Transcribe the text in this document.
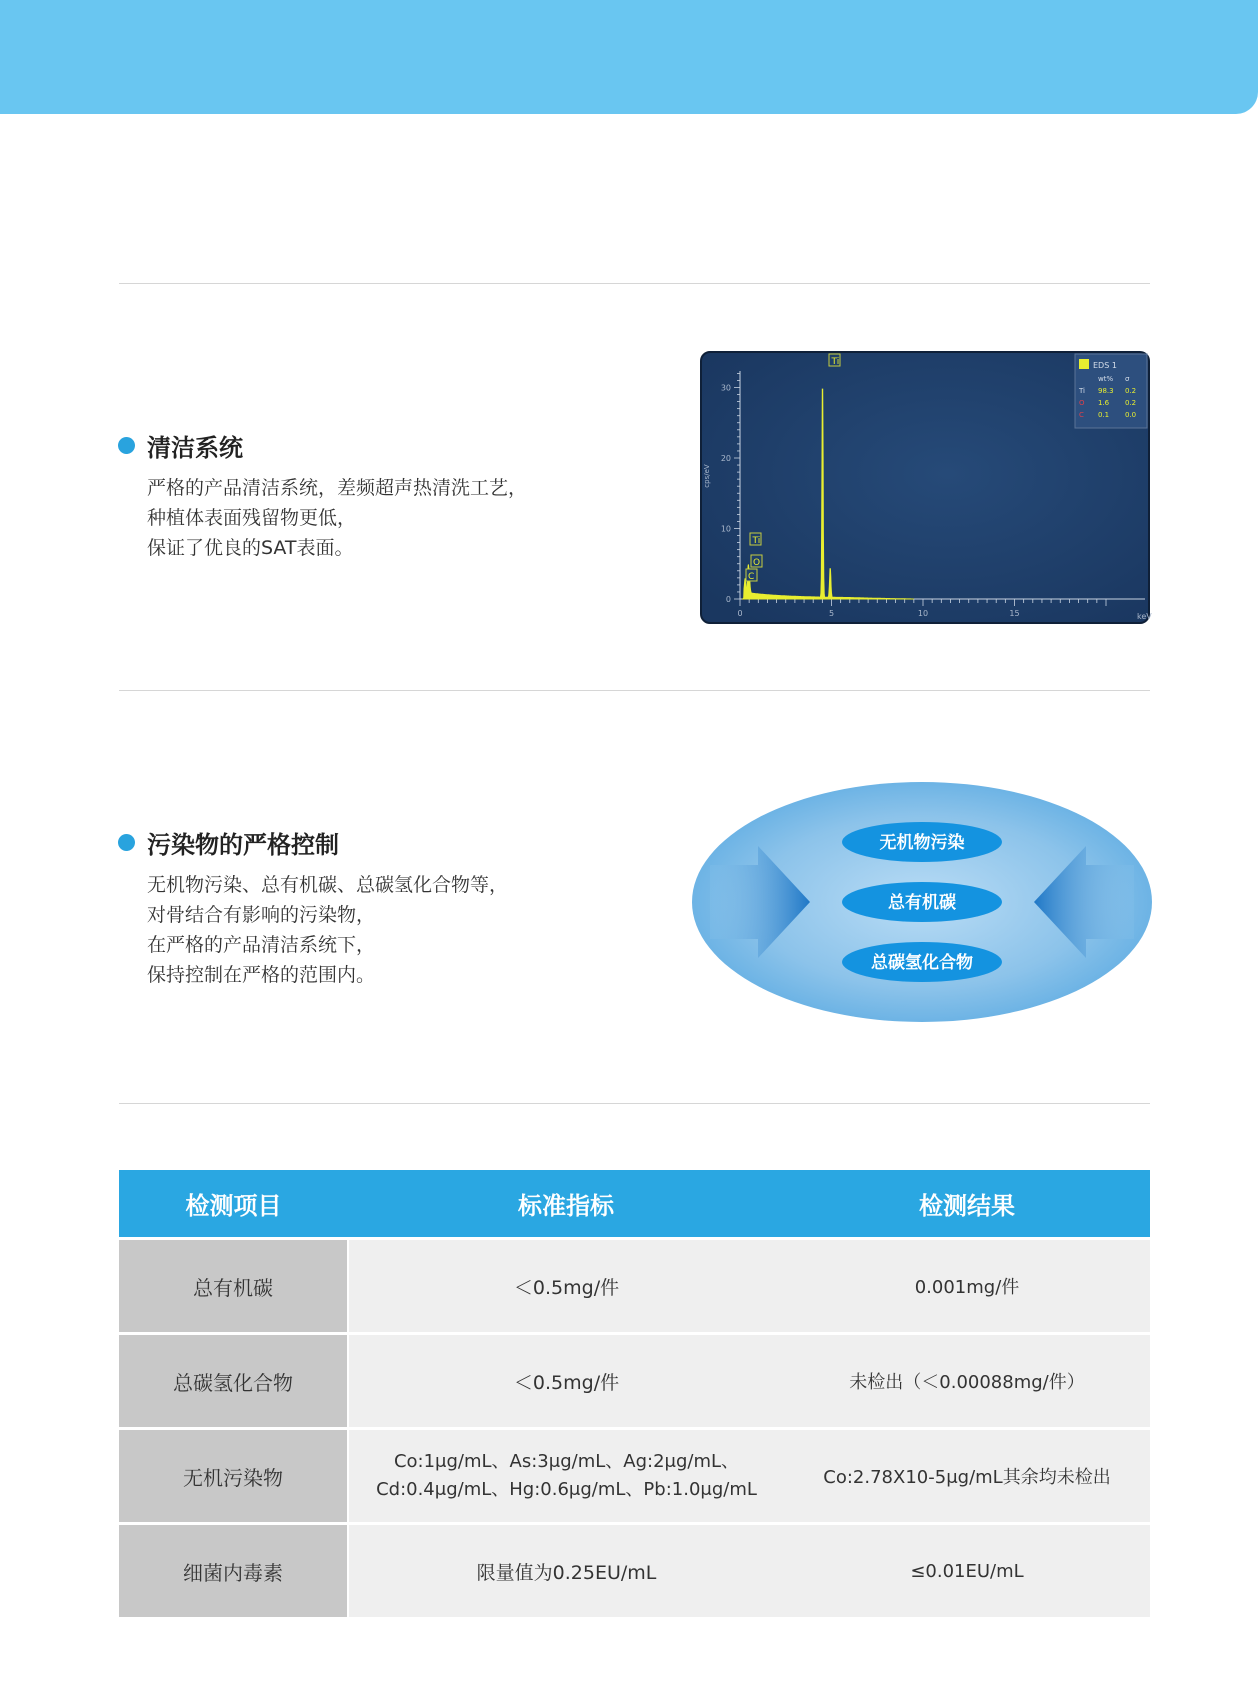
清洁系统
严格的产品清洁系统，差频超声热清洗工艺，
种植体表面残留物更低，
保证了优良的SAT表面。
0
10
20
30
0	5	10	15
cps/eV
keV
Ti
Ti
O
C
EDS 1
wt% σ
Ti 98.3 0.2
O 1.6 0.2
C 0.1 0.0
污染物的严格控制
无机物污染、总有机碳、总碳氢化合物等，
对骨结合有影响的污染物，
在严格的产品清洁系统下，
保持控制在严格的范围内。
无机物污染
总有机碳
总碳氢化合物
检测项目	标准指标	检测结果
总有机碳	＜0.5mg/件	0.001mg/件
总碳氢化合物	＜0.5mg/件	未检出（＜0.00088mg/件）
无机污染物	Co:1μg/mL、As:3μg/mL、Ag:2μg/mL、
Cd:0.4μg/mL、Hg:0.6μg/mL、Pb:1.0μg/mL	Co:2.78X10-5μg/mL其余均未检出
细菌内毒素	限量值为0.25EU/mL	≤0.01EU/mL
